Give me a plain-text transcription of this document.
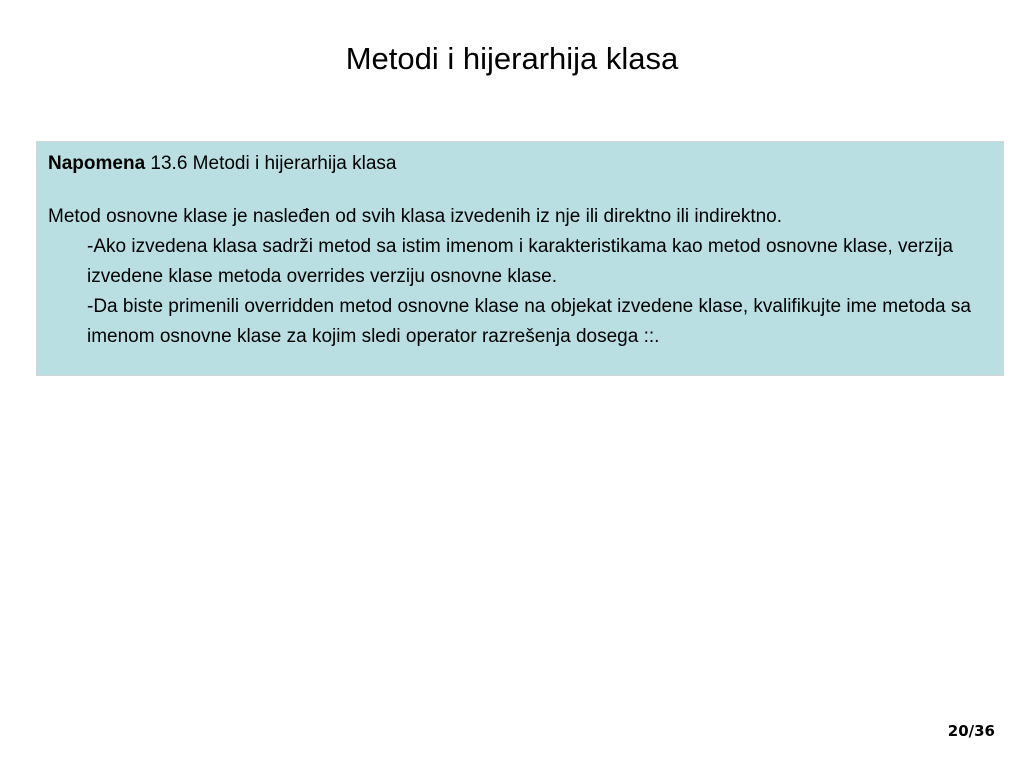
Metodi i hijerarhija klasa
Napomena 13.6 Metodi i hijerarhija klasa
Metod osnovne klase je nasleđen od svih klasa izvedenih iz nje ili direktno ili indirektno.
-Ako izvedena klasa sadrži metod sa istim imenom i karakteristikama kao metod osnovne klase, verzija izvedene klase metoda overrides verziju osnovne klase.
-Da biste primenili overridden metod osnovne klase na objekat izvedene klase, kvalifikujte ime metoda sa imenom osnovne klase za kojim sledi operator razrešenja dosega ::.
20/36
